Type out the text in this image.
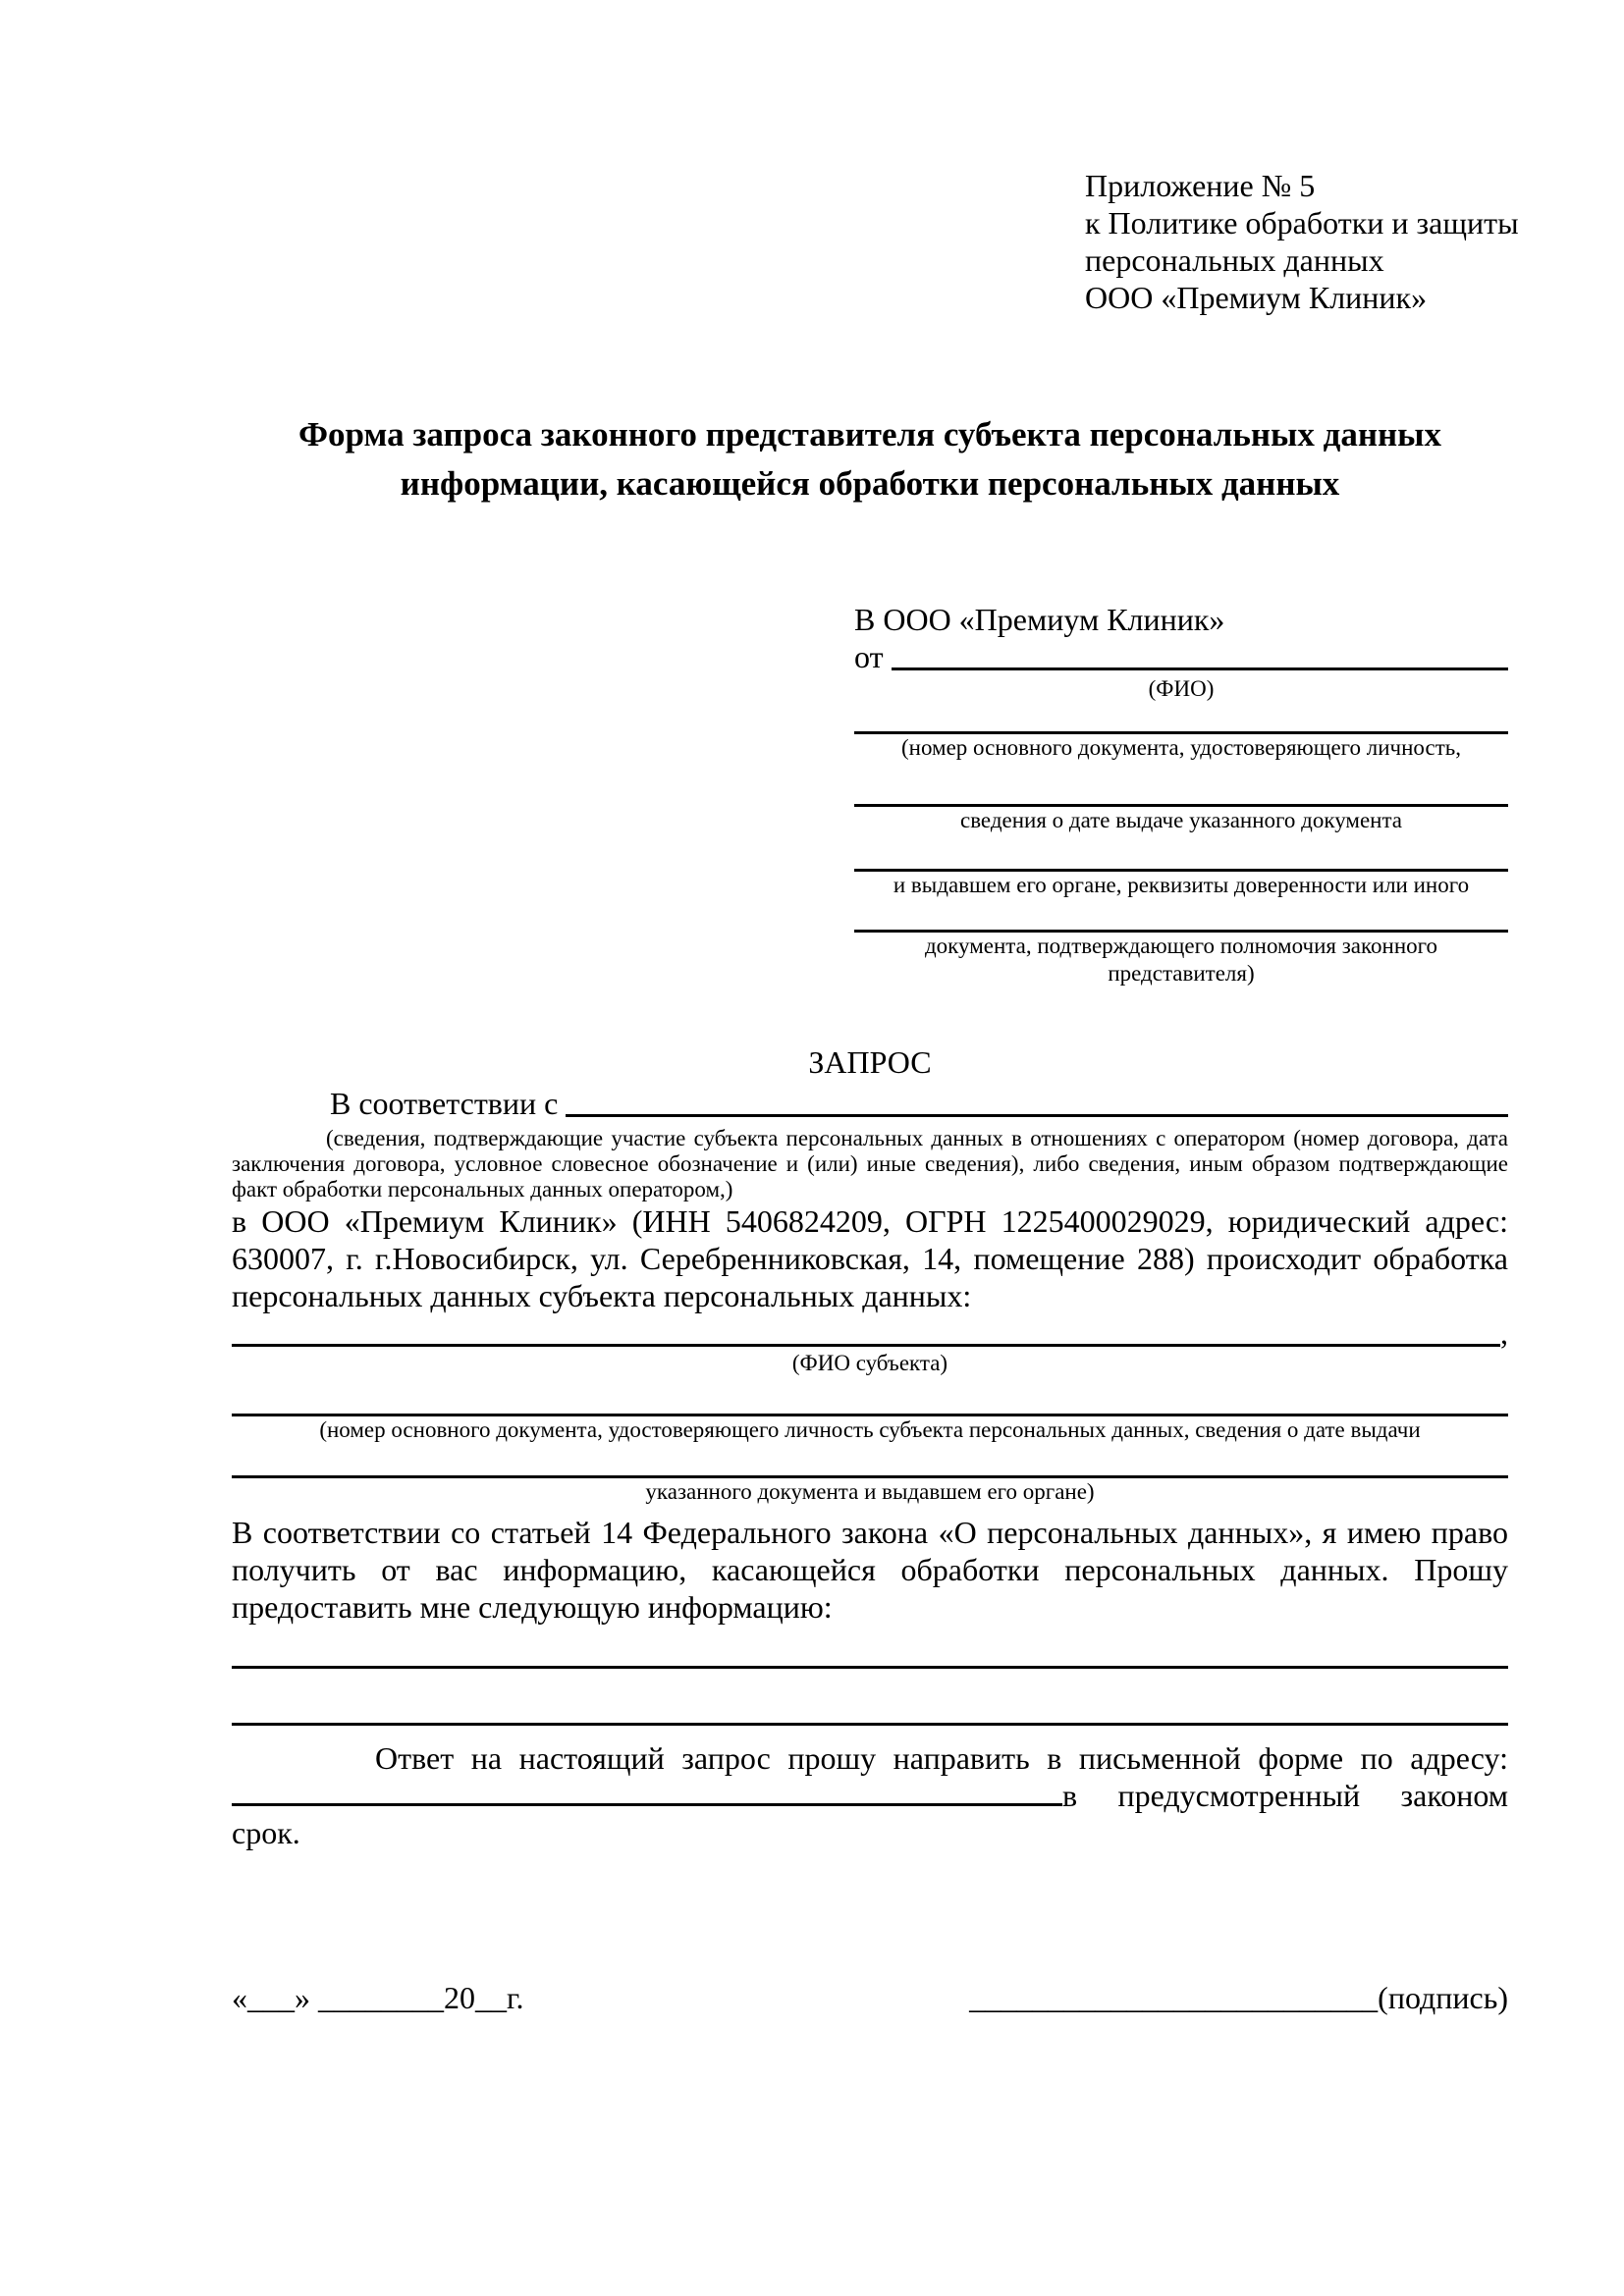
Приложение № 5
к Политике обработки и защиты
персональных данных
ООО «Премиум Клиник»
Форма запроса законного представителя субъекта персональных данных информации, касающейся обработки персональных данных
В ООО «Премиум Клиник»
от
(ФИО)
(номер основного документа, удостоверяющего личность,
сведения о дате выдаче указанного документа
и выдавшем его органе, реквизиты доверенности или иного
документа, подтверждающего полномочия законного представителя)
ЗАПРОС
В соответствии с
(сведения, подтверждающие участие субъекта персональных данных в отношениях с оператором (номер договора, дата заключения договора, условное словесное обозначение и (или) иные сведения), либо сведения, иным образом подтверждающие факт обработки персональных данных оператором,)
в ООО «Премиум Клиник» (ИНН 5406824209, ОГРН 1225400029029, юридический адрес: 630007, г. г.Новосибирск, ул. Серебренниковская, 14, помещение 288) происходит обработка персональных данных субъекта персональных данных:
,
(ФИО субъекта)
(номер основного документа, удостоверяющего личность субъекта персональных данных, сведения о дате выдачи
указанного документа и выдавшем его органе)
В соответствии со статьей 14 Федерального закона «О персональных данных», я имею право получить от вас информацию, касающейся обработки персональных данных. Прошу предоставить мне следующую информацию:
Ответ на настоящий запрос прошу направить в письменной форме по адресу: в предусмотренный законом срок.
«___» ________20__г.	__________________________(подпись)
